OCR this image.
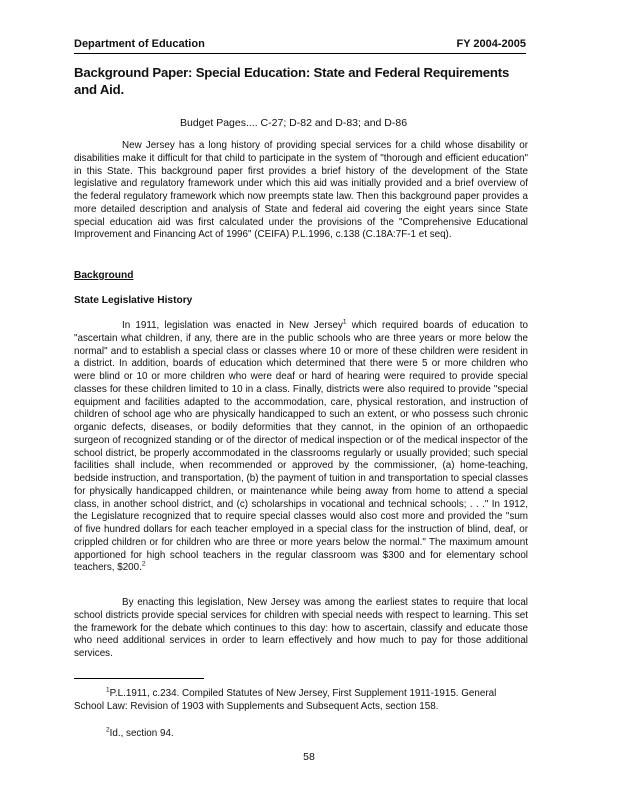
Department of Education	FY 2004-2005
Background Paper: Special Education: State and Federal Requirements and Aid.
Budget Pages.... C-27; D-82 and D-83; and D-86

New Jersey has a long history of providing special services for a child whose disability or disabilities make it difficult for that child to participate in the system of "thorough and efficient education" in this State. This background paper first provides a brief history of the development of the State legislative and regulatory framework under which this aid was initially provided and a brief overview of the federal regulatory framework which now preempts state law. Then this background paper provides a more detailed description and analysis of State and federal aid covering the eight years since State special education aid was first calculated under the provisions of the "Comprehensive Educational Improvement and Financing Act of 1996" (CEIFA) P.L.1996, c.138 (C.18A:7F-1 et seq).

Background
State Legislative History

In 1911, legislation was enacted in New Jersey$^1$ which required boards of education to "ascertain what children, if any, there are in the public schools who are three years or more below the normal" and to establish a special class or classes where 10 or more of these children were resident in a district. In addition, boards of education which determined that there were 5 or more children who were blind or 10 or more children who were deaf or hard of hearing were required to provide special classes for these children limited to 10 in a class. Finally, districts were also required to provide "special equipment and facilities adapted to the accommodation, care, physical restoration, and instruction of children of school age who are physically handicapped to such an extent, or who possess such chronic organic defects, diseases, or bodily deformities that they cannot, in the opinion of an orthopaedic surgeon of recognized standing or of the director of medical inspection or of the medical inspector of the school district, be properly accommodated in the classrooms regularly or usually provided; such special facilities shall include, when recommended or approved by the commissioner, (a) home-teaching, bedside instruction, and transportation, (b) the payment of tuition in and transportation to special classes for physically handicapped children, or maintenance while being away from home to attend a special class, in another school district, and (c) scholarships in vocational and technical schools; . . ." In 1912, the Legislature recognized that to require special classes would also cost more and provided the "sum of five hundred dollars for each teacher employed in a special class for the instruction of blind, deaf, or crippled children or for children who are three or more years below the normal." The maximum amount apportioned for high school teachers in the regular classroom was $300 and for elementary school teachers, $200.$^2$

By enacting this legislation, New Jersey was among the earliest states to require that local school districts provide special services for children with special needs with respect to learning. This set the framework for the debate which continues to this day: how to ascertain, classify and educate those who need additional services in order to learn effectively and how much to pay for those additional services.

$^1$P.L.1911, c.234. Compiled Statutes of New Jersey, First Supplement 1911-1915. General School Law: Revision of 1903 with Supplements and Subsequent Acts, section 158.

$^2$Id., section 94.

58
